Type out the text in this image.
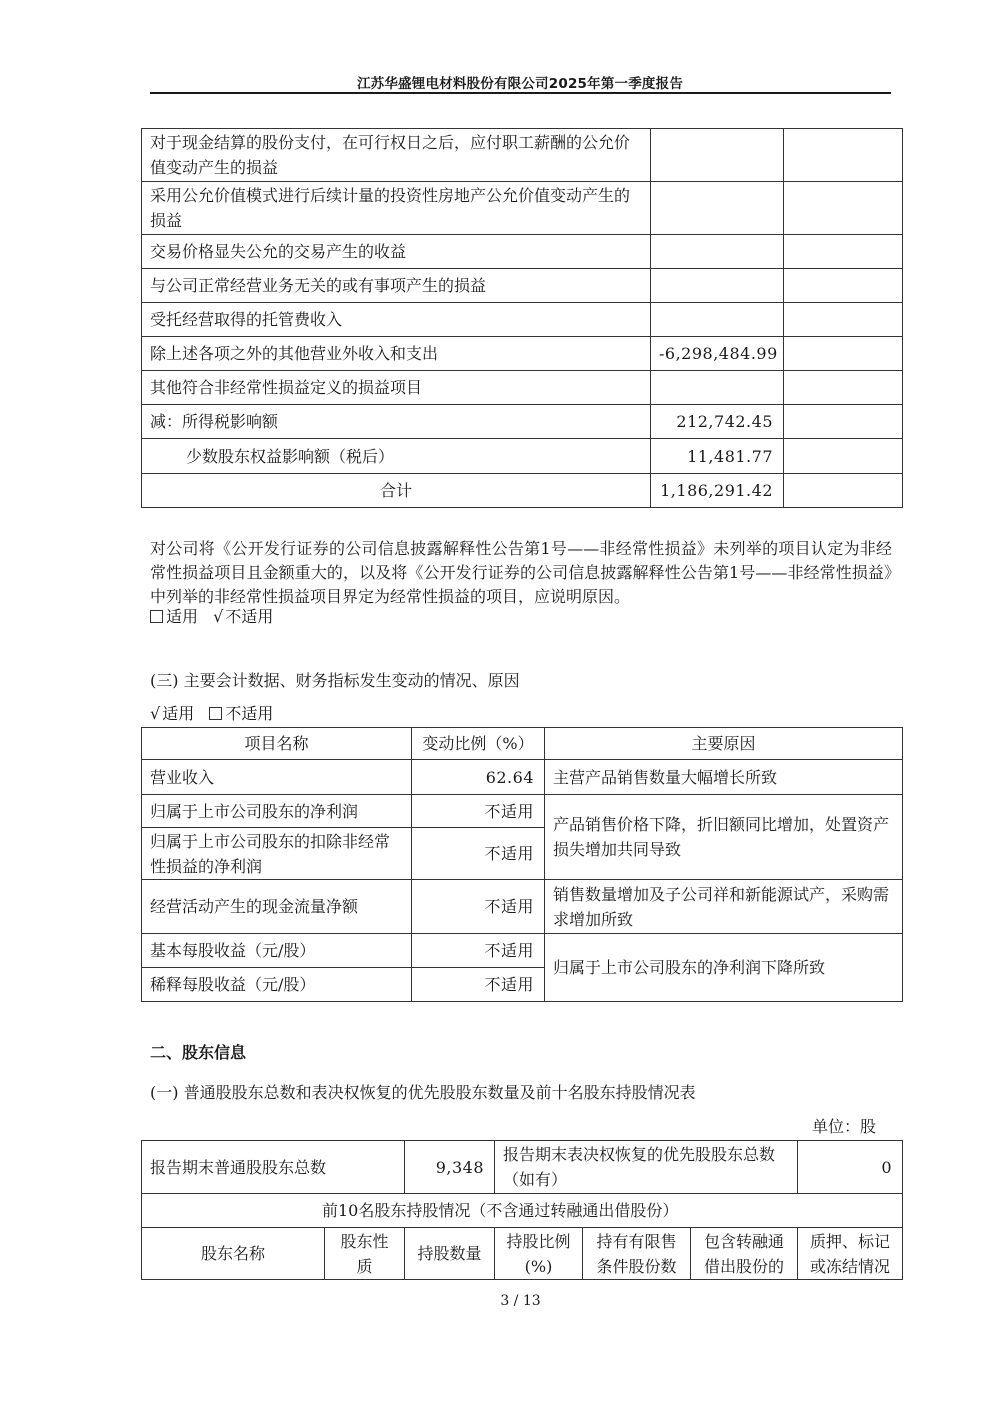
江苏华盛锂电材料股份有限公司2025年第一季度报告
对于现金结算的股份支付，在可行权日之后，应付职工薪酬的公允价值变动产生的损益		
采用公允价值模式进行后续计量的投资性房地产公允价值变动产生的损益		
交易价格显失公允的交易产生的收益		
与公司正常经营业务无关的或有事项产生的损益		
受托经营取得的托管费收入		
除上述各项之外的其他营业外收入和支出	-6,298,484.99	
其他符合非经常性损益定义的损益项目		
减：所得税影响额	212,742.45	
少数股东权益影响额（税后）	11,481.77	
合计	1,186,291.42	
对公司将《公开发行证券的公司信息披露解释性公告第1号——非经常性损益》未列举的项目认定为非经常性损益项目且金额重大的，以及将《公开发行证券的公司信息披露解释性公告第1号——非经常性损益》中列举的非经常性损益项目界定为经常性损益的项目，应说明原因。
适用 √ 不适用
(三) 主要会计数据、财务指标发生变动的情况、原因
√ 适用 不适用
项目名称	变动比例（%）	主要原因
营业收入	62.64	主营产品销售数量大幅增长所致
归属于上市公司股东的净利润	不适用	产品销售价格下降，折旧额同比增加，处置资产损失增加共同导致
归属于上市公司股东的扣除非经常性损益的净利润	不适用	
经营活动产生的现金流量净额	不适用	销售数量增加及子公司祥和新能源试产，采购需求增加所致
基本每股收益（元/股）	不适用	归属于上市公司股东的净利润下降所致
稀释每股收益（元/股）	不适用	
二、股东信息
(一) 普通股股东总数和表决权恢复的优先股股东数量及前十名股东持股情况表
单位：股
报告期末普通股股东总数		9,348	报告期末表决权恢复的优先股股东总数（如有）			0
前10名股东持股情况（不含通过转融通出借股份）						
股东名称	股东性质	持股数量	持股比例(%)	持有有限售条件股份数	包含转融通借出股份的	质押、标记或冻结情况
3 / 13
